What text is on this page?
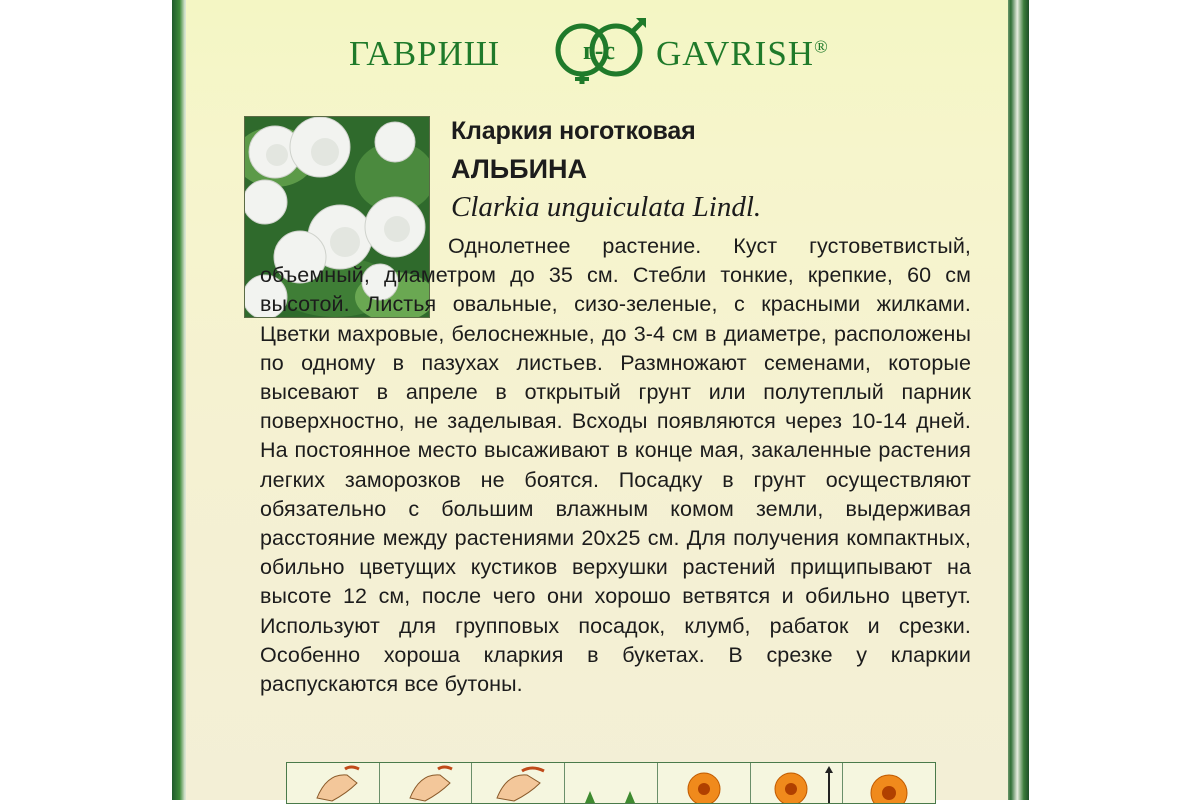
ГАВРИШ	г-с GAVRISH®
Кларкия ноготковая
АЛЬБИНА
Clarkia unguiculata Lindl.
Однолетнее растение. Куст густоветвистый, объемный, диаметром до 35 см. Стебли тонкие, крепкие, 60 см высотой. Листья овальные, сизо-зеленые, с красными жилками. Цветки махровые, белоснежные, до 3-4 см в диаметре, расположены по одному в пазухах листьев. Размножают семенами, которые высевают в апреле в открытый грунт или полутеплый парник поверхностно, не заделывая. Всходы появляются через 10-14 дней. На постоянное место высаживают в конце мая, закаленные растения легких заморозков не боятся. Посадку в грунт осуществляют обязательно с большим влажным комом земли, выдерживая расстояние между растениями 20х25 см. Для получения компактных, обильно цветущих кустиков верхушки растений прищипывают на высоте 12 см, после чего они хорошо ветвятся и обильно цветут. Используют для групповых посадок, клумб, рабаток и срезки. Особенно хороша кларкия в букетах. В срезке у кларкии распускаются все бутоны.
